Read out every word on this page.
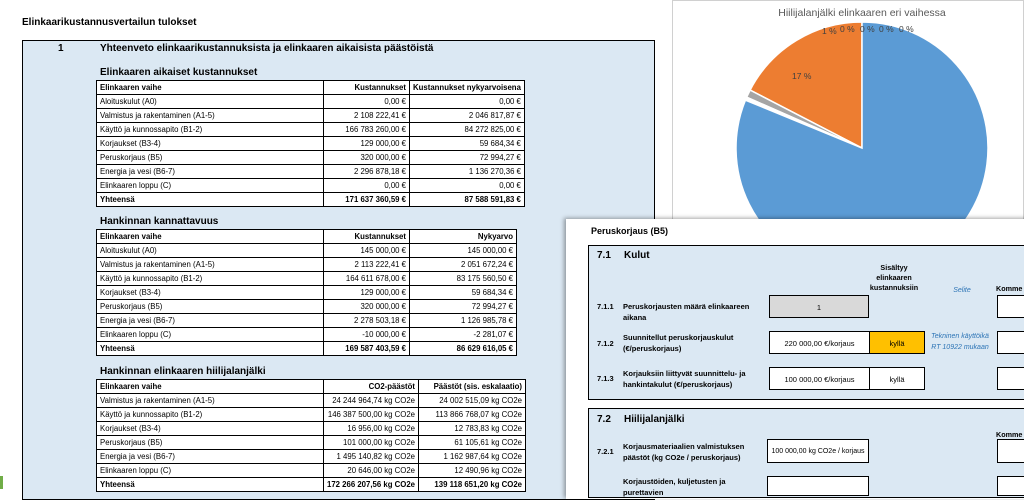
Elinkaarikustannusvertailun tulokset
1	Yhteenveto elinkaarikustannuksista ja elinkaaren aikaisista päästöistä
Elinkaaren aikaiset kustannukset
Elinkaaren vaihe	Kustannukset	Kustannukset nykyarvoisena
Aloituskulut (A0)	0,00 €	0,00 €
Valmistus ja rakentaminen (A1-5)	2 108 222,41 €	2 046 817,87 €
Käyttö ja kunnossapito (B1-2)	166 783 260,00 €	84 272 825,00 €
Korjaukset (B3-4)	129 000,00 €	59 684,34 €
Peruskorjaus (B5)	320 000,00 €	72 994,27 €
Energia ja vesi (B6-7)	2 296 878,18 €	1 136 270,36 €
Elinkaaren loppu (C)	0,00 €	0,00 €
Yhteensä	171 637 360,59 €	87 588 591,83 €
Hankinnan kannattavuus
Elinkaaren vaihe	Kustannukset	Nykyarvo
Aloituskulut (A0)	145 000,00 €	145 000,00 €
Valmistus ja rakentaminen (A1-5)	2 113 222,41 €	2 051 672,24 €
Käyttö ja kunnossapito (B1-2)	164 611 678,00 €	83 175 560,50 €
Korjaukset (B3-4)	129 000,00 €	59 684,34 €
Peruskorjaus (B5)	320 000,00 €	72 994,27 €
Energia ja vesi (B6-7)	2 278 503,18 €	1 126 985,78 €
Elinkaaren loppu (C)	-10 000,00 €	-2 281,07 €
Yhteensä	169 587 403,59 €	86 629 616,05 €
Hankinnan elinkaaren hiilijalanjälki
Elinkaaren vaihe	CO2-päästöt	Päästöt (sis. eskalaatio)
Valmistus ja rakentaminen (A1-5)	24 244 964,74 kg CO2e	24 002 515,09 kg CO2e
Käyttö ja kunnossapito (B1-2)	146 387 500,00 kg CO2e	113 866 768,07 kg CO2e
Korjaukset (B3-4)	16 956,00 kg CO2e	12 783,83 kg CO2e
Peruskorjaus (B5)	101 000,00 kg CO2e	61 105,61 kg CO2e
Energia ja vesi (B6-7)	1 495 140,82 kg CO2e	1 162 987,64 kg CO2e
Elinkaaren loppu (C)	20 646,00 kg CO2e	12 490,96 kg CO2e
Yhteensä	172 266 207,56 kg CO2e	139 118 651,20 kg CO2e
Hiilijalanjälki elinkaaren eri vaihessa
17 %
1 % 0 % 0 % 0 % 0 %
Peruskorjaus (B5)
7.1 Kulut
Sisältyy elinkaaren kustannuksiin	Selite	Komme
7.1.1 Peruskorjausten määrä elinkaareen aikana
1
7.1.2
Suunnitellut peruskorjauskulut (€/peruskorjaus)
220 000,00 €/korjaus	kyllä
Tekninen käyttöikä RT 10922 mukaan
7.1.3
Korjauksiin liittyvät suunnittelu- ja hankintakulut (€/peruskorjaus)
100 000,00 €/korjaus	kyllä
7.2 Hiilijalanjälki
Komme
7.2.1
Korjausmateriaalien valmistuksen päästöt (kg CO2e / peruskorjaus)
100 000,00 kg CO2e / korjaus
Korjaustöiden, kuljetusten ja purettavien
